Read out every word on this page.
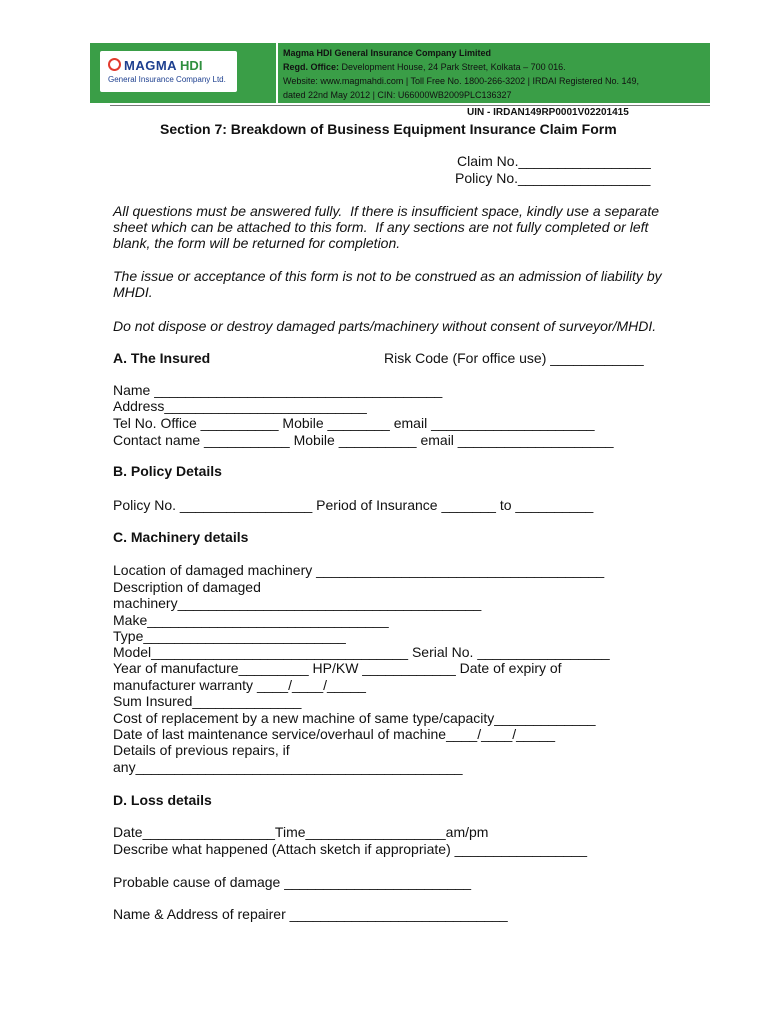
MAGMA HDI
General Insurance Company Ltd.
Magma HDI General Insurance Company Limited
Regd. Office: Development House, 24 Park Street, Kolkata – 700 016.
Website: www.magmahdi.com | Toll Free No. 1800-266-3202 | IRDAI Registered No. 149,
dated 22nd May 2012 | CIN: U66000WB2009PLC136327
UIN - IRDAN149RP0001V02201415
Section 7: Breakdown of Business Equipment Insurance Claim Form
Claim No._________________
Policy No._________________
All questions must be answered fully.  If there is insufficient space, kindly use a separate
sheet which can be attached to this form.  If any sections are not fully completed or left
blank, the form will be returned for completion.
The issue or acceptance of this form is not to be construed as an admission of liability by
MHDI.
Do not dispose or destroy damaged parts/machinery without consent of surveyor/MHDI.
A. The Insured	Risk Code (For office use) ____________
Name _____________________________________
Address__________________________
Tel No. Office __________ Mobile ________ email _____________________
Contact name ___________ Mobile __________ email ____________________
B. Policy Details
Policy No. _________________ Period of Insurance _______ to __________
C. Machinery details
Location of damaged machinery _____________________________________
Description of damaged
machinery_______________________________________
Make_______________________________
Type__________________________
Model_________________________________ Serial No. _________________
Year of manufacture_________ HP/KW ____________ Date of expiry of
manufacturer warranty ____/____/_____
Sum Insured______________
Cost of replacement by a new machine of same type/capacity_____________
Date of last maintenance service/overhaul of machine____/____/_____
Details of previous repairs, if
any__________________________________________
D. Loss details
Date_________________Time__________________am/pm
Describe what happened (Attach sketch if appropriate) _________________
Probable cause of damage ________________________
Name & Address of repairer ____________________________
